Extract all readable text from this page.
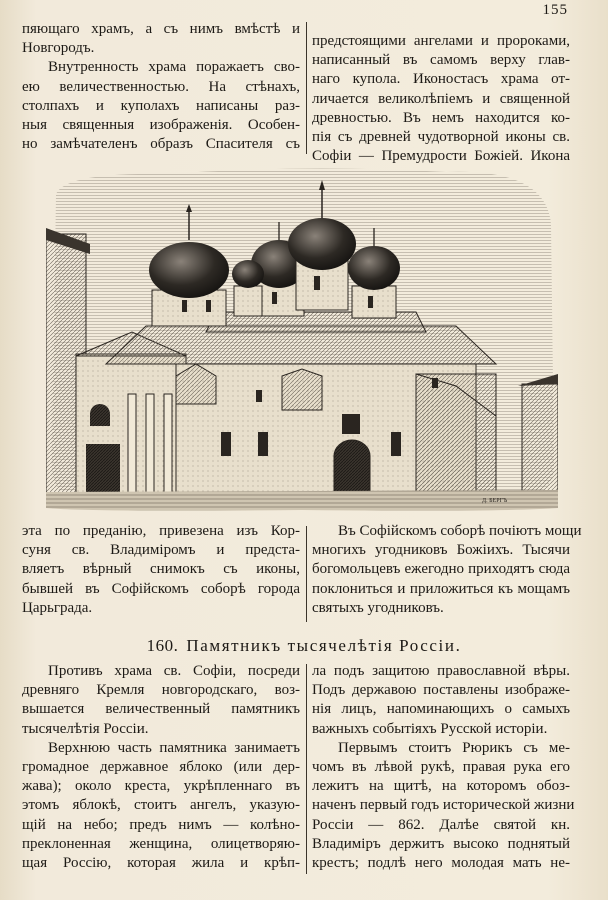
155
пяющаго храмъ, а съ нимъ вмѣстѣ и
Новгородъ.
Внутренность храма поражаетъ сво-
ею величественностью. На стѣнахъ,
столпахъ и куполахъ написаны раз-
ныя священныя изображенія. Особен-
но замѣчателенъ образъ Спасителя съ
предстоящими ангелами и пророками,
написанный въ самомъ верху глав-
наго купола. Иконостасъ храма от-
личается великолѣпіемъ и священной
древностью. Въ немъ находится ко-
пія съ древней чудотворной иконы св.
Софіи — Премудрости Божіей. Икона
Д. БЕРГЪ
эта по преданію, привезена изъ Кор-
суня св. Владиміромъ и предста-
вляетъ вѣрный снимокъ съ иконы,
бывшей въ Софійскомъ соборѣ города
Царьграда.
Въ Софійскомъ соборѣ почіютъ мощи
многихъ угодниковъ Божіихъ. Тысячи
богомольцевъ ежегодно приходятъ сюда
поклониться и приложиться къ мощамъ
святыхъ угодниковъ.
160. Памятникъ тысячелѣтія Россіи.
Противъ храма св. Софіи, посреди
древняго Кремля новгородскаго, воз-
вышается величественный памятникъ
тысячелѣтія Россіи.
Верхнюю часть памятника занимаетъ
громадное державное яблоко (или дер-
жава); около креста, укрѣпленнаго въ
этомъ яблокѣ, стоитъ ангелъ, указую-
щій на небо; предъ нимъ — колѣно-
преклоненная женщина, олицетворяю-
щая Россію, которая жила и крѣп-
ла подъ защитою православной вѣры.
Подъ державою поставлены изображе-
нія лицъ, напоминающихъ о самыхъ
важныхъ событіяхъ Русской исторіи.
Первымъ стоитъ Рюрикъ съ ме-
чомъ въ лѣвой рукѣ, правая рука его
лежитъ на щитѣ, на которомъ обоз-
наченъ первый годъ исторической жизни
Россіи — 862. Далѣе святой кн.
Владиміръ держитъ высоко поднятый
крестъ; подлѣ него молодая мать не-
